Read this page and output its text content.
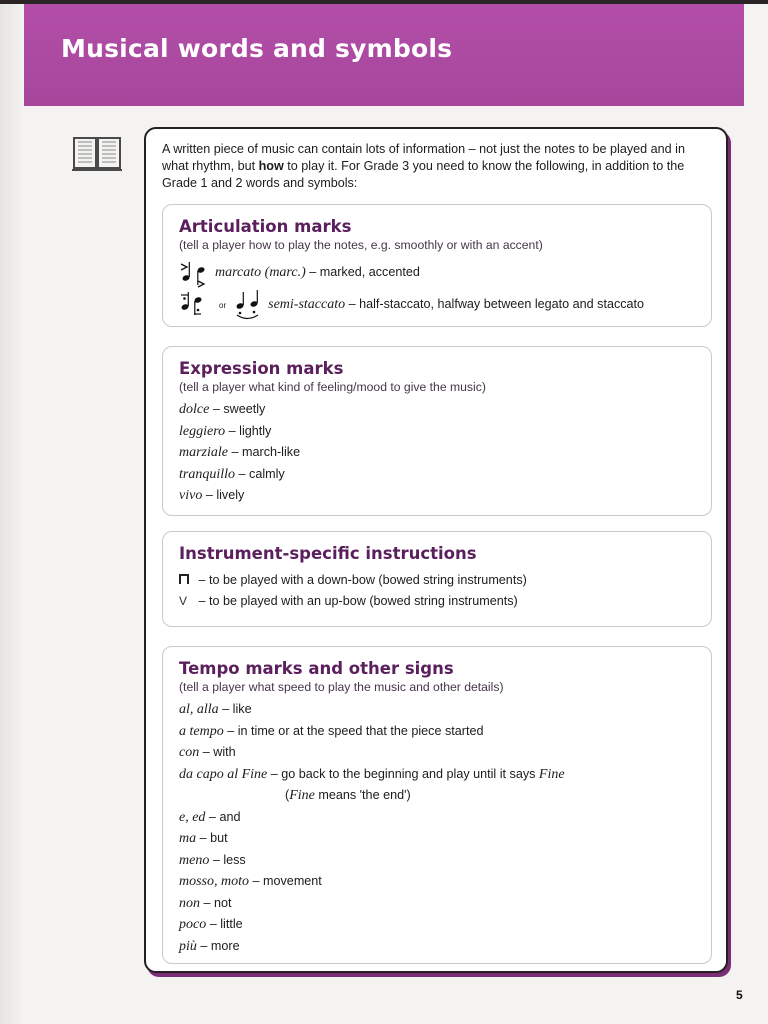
Musical words and symbols

A written piece of music can contain lots of information – not just the notes to be played and in what rhythm, but how to play it. For Grade 3 you need to know the following, in addition to the Grade 1 and 2 words and symbols:

Articulation marks
(tell a player how to play the notes, e.g. smoothly or with an accent)
marcato (marc.) – marked, accented
or	semi-staccato – half-staccato, halfway between legato and staccato
Expression marks
(tell a player what kind of feeling/mood to give the music)
dolce – sweetly
leggiero – lightly
marziale – march-like
tranquillo – calmly
vivo – lively
Instrument-specific instructions
– to be played with a down-bow (bowed string instruments)
V – to be played with an up-bow (bowed string instruments)
Tempo marks and other signs
(tell a player what speed to play the music and other details)
al, alla – like
a tempo – in time or at the speed that the piece started
con – with
da capo al Fine – go back to the beginning and play until it says Fine
(Fine means 'the end')
e, ed – and
ma – but
meno – less
mosso, moto – movement
non – not
poco – little
più – more
5
